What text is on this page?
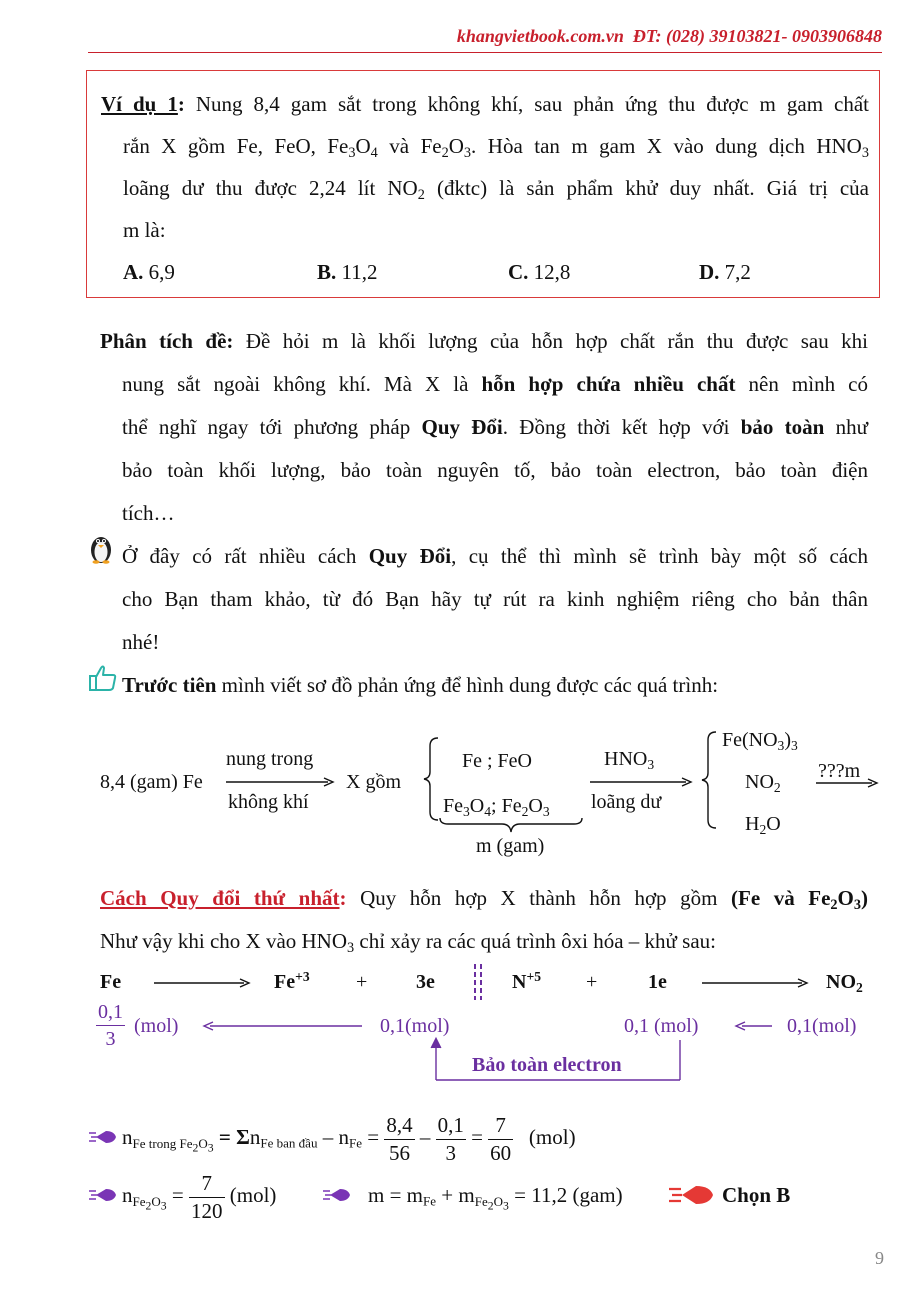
khangvietbook.com.vn ĐT: (028) 39103821- 0903906848
Ví dụ 1: Nung 8,4 gam sắt trong không khí, sau phản ứng thu được m gam chất
rắn X gồm Fe, FeO, $Fe_3O_4$ và $Fe_2O_3$. Hòa tan m gam X vào dung dịch $HNO_3$
loãng dư thu được 2,24 lít $NO_2$ (đktc) là sản phẩm khử duy nhất. Giá trị của
m là:
A. 6,9	B. 11,2	C. 12,8	D. 7,2
Phân tích đề: Đề hỏi m là khối lượng của hỗn hợp chất rắn thu được sau khi
nung sắt ngoài không khí. Mà X là hỗn hợp chứa nhiều chất nên mình có
thể nghĩ ngay tới phương pháp Quy Đổi. Đồng thời kết hợp với bảo toàn như
bảo toàn khối lượng, bảo toàn nguyên tố, bảo toàn electron, bảo toàn điện
tích…
Ở đây có rất nhiều cách Quy Đổi, cụ thể thì mình sẽ trình bày một số cách
cho Bạn tham khảo, từ đó Bạn hãy tự rút ra kinh nghiệm riêng cho bản thân
nhé!
Trước tiên mình viết sơ đồ phản ứng để hình dung được các quá trình:
8,4 (gam) Fe
nung trong
không khí
X gồm
Fe ; FeO
$Fe_3O_4$; $Fe_2O_3$
m (gam)
$HNO_3$
loãng dư
$Fe(NO_3)_3$
$NO_2$
$H_2O$
???m
Cách Quy đổi thứ nhất: Quy hỗn hợp X thành hỗn hợp gồm (Fe và $Fe_2O_3$)
Như vậy khi cho X vào $HNO_3$ chỉ xảy ra các quá trình ôxi hóa – khử sau:
Fe	$Fe^{+3} + 3e$	$N^{+5}$ +	1e	$NO_2$
$\frac{0,1}{3} (mol)$	0,1(mol)	0,1 (mol)	0,1(mol)
Bảo toàn electron
$n_{Fe trong Fe_2O_3} = \Sigma n_{Fe ban đầu} - n_{Fe} = \frac{8,4}{56} - \frac{0,1}{3} = \frac{7}{60} (mol)$
$n_{Fe_2O_3} = \frac{7}{120} (mol)$	$m = m_{Fe} + m_{Fe_2O_3} = 11,2$ (gam)	Chọn B
9
